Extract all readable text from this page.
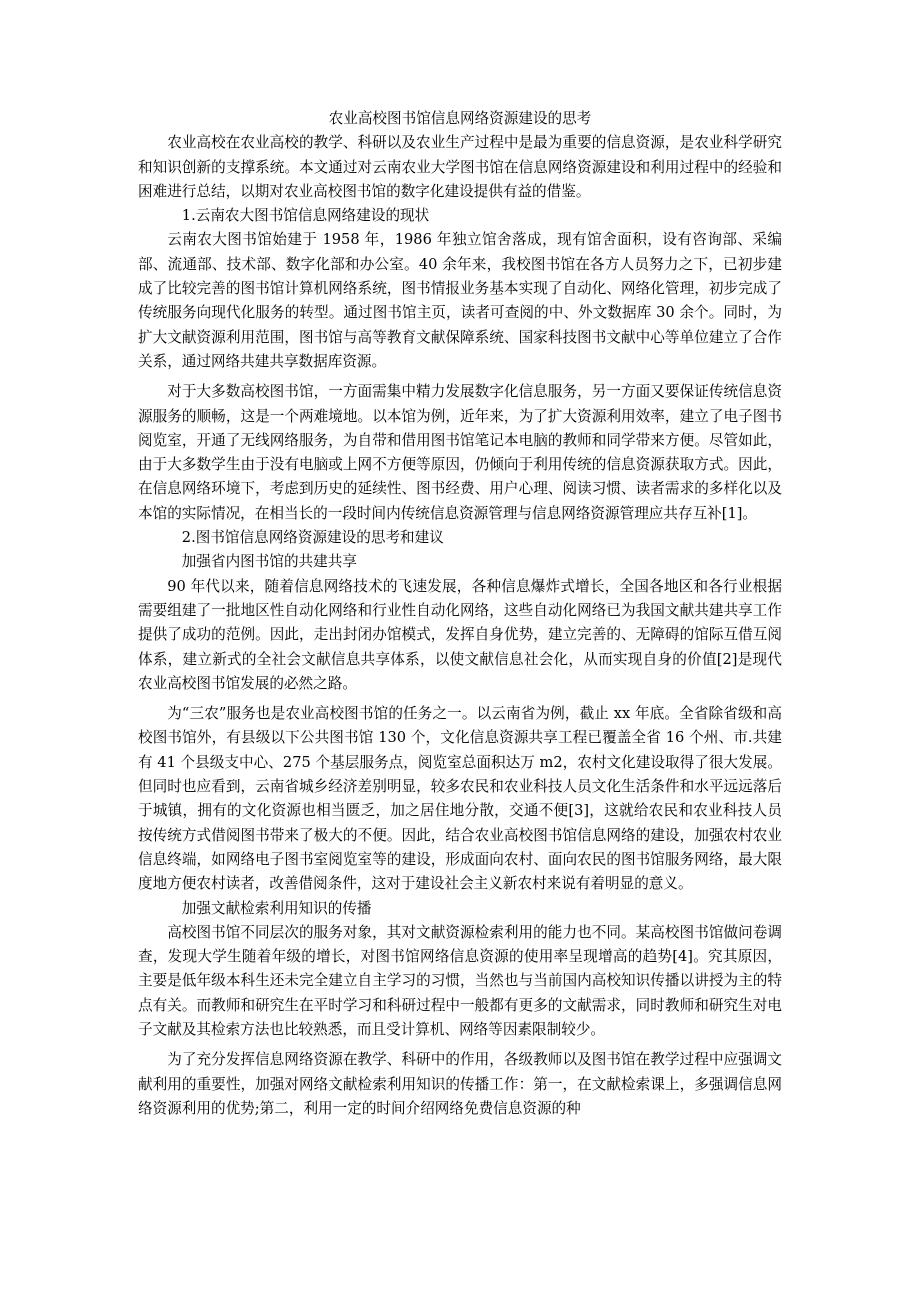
农业高校图书馆信息网络资源建设的思考

农业高校在农业高校的教学、科研以及农业生产过程中是最为重要的信息资源，是农业科学研究和知识创新的支撑系统。本文通过对云南农业大学图书馆在信息网络资源建设和利用过程中的经验和困难进行总结，以期对农业高校图书馆的数字化建设提供有益的借鉴。

1.云南农大图书馆信息网络建设的现状

云南农大图书馆始建于 1958 年，1986 年独立馆舍落成，现有馆舍面积，设有咨询部、采编部、流通部、技术部、数字化部和办公室。40 余年来，我校图书馆在各方人员努力之下，已初步建成了比较完善的图书馆计算机网络系统，图书情报业务基本实现了自动化、网络化管理，初步完成了传统服务向现代化服务的转型。通过图书馆主页，读者可查阅的中、外文数据库 30 余个。同时，为扩大文献资源利用范围，图书馆与高等教育文献保障系统、国家科技图书文献中心等单位建立了合作关系，通过网络共建共享数据库资源。

对于大多数高校图书馆，一方面需集中精力发展数字化信息服务，另一方面又要保证传统信息资源服务的顺畅，这是一个两难境地。以本馆为例，近年来，为了扩大资源利用效率，建立了电子图书阅览室，开通了无线网络服务，为自带和借用图书馆笔记本电脑的教师和同学带来方便。尽管如此，由于大多数学生由于没有电脑或上网不方便等原因，仍倾向于利用传统的信息资源获取方式。因此，在信息网络环境下，考虑到历史的延续性、图书经费、用户心理、阅读习惯、读者需求的多样化以及本馆的实际情况，在相当长的一段时间内传统信息资源管理与信息网络资源管理应共存互补[1]。

2.图书馆信息网络资源建设的思考和建议
加强省内图书馆的共建共享

90 年代以来，随着信息网络技术的飞速发展，各种信息爆炸式增长，全国各地区和各行业根据需要组建了一批地区性自动化网络和行业性自动化网络，这些自动化网络已为我国文献共建共享工作提供了成功的范例。因此，走出封闭办馆模式，发挥自身优势，建立完善的、无障碍的馆际互借互阅体系，建立新式的全社会文献信息共享体系，以使文献信息社会化，从而实现自身的价值[2]是现代农业高校图书馆发展的必然之路。

为“三农”服务也是农业高校图书馆的任务之一。以云南省为例，截止 xx 年底。全省除省级和高校图书馆外，有县级以下公共图书馆 130 个，文化信息资源共享工程已覆盖全省 16 个州、市.共建有 41 个县级支中心、275 个基层服务点，阅览室总面积达万 m2，农村文化建设取得了很大发展。但同时也应看到，云南省城乡经济差别明显，较多农民和农业科技人员文化生活条件和水平远远落后于城镇，拥有的文化资源也相当匮乏，加之居住地分散，交通不便[3]，这就给农民和农业科技人员按传统方式借阅图书带来了极大的不便。因此，结合农业高校图书馆信息网络的建设，加强农村农业信息终端，如网络电子图书室阅览室等的建设，形成面向农村、面向农民的图书馆服务网络，最大限度地方便农村读者，改善借阅条件，这对于建设社会主义新农村来说有着明显的意义。

加强文献检索利用知识的传播

高校图书馆不同层次的服务对象，其对文献资源检索利用的能力也不同。某高校图书馆做问卷调查，发现大学生随着年级的增长，对图书馆网络信息资源的使用率呈现增高的趋势[4]。究其原因，主要是低年级本科生还未完全建立自主学习的习惯，当然也与当前国内高校知识传播以讲授为主的特点有关。而教师和研究生在平时学习和科研过程中一般都有更多的文献需求，同时教师和研究生对电子文献及其检索方法也比较熟悉，而且受计算机、网络等因素限制较少。

为了充分发挥信息网络资源在教学、科研中的作用，各级教师以及图书馆在教学过程中应强调文献利用的重要性，加强对网络文献检索利用知识的传播工作：第一，在文献检索课上，多强调信息网络资源利用的优势;第二，利用一定的时间介绍网络免费信息资源的种
